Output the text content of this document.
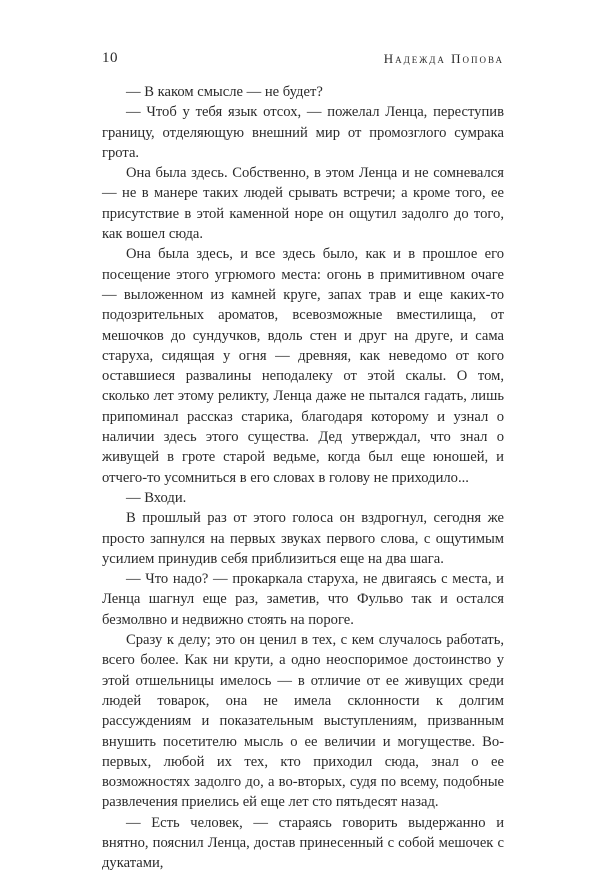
10	Надежда Попова

— В каком смысле — не будет?

— Чтоб у тебя язык отсох, — пожелал Ленца, переступив границу, отделяющую внешний мир от промозглого сумрака грота.

Она была здесь. Собственно, в этом Ленца и не сомневался — не в манере таких людей срывать встречи; а кроме того, ее присутствие в этой каменной норе он ощутил задолго до того, как вошел сюда.

Она была здесь, и все здесь было, как и в прошлое его посещение этого угрюмого места: огонь в примитивном очаге — выложенном из камней круге, запах трав и еще каких-то подозрительных ароматов, всевозможные вместилища, от мешочков до сундучков, вдоль стен и друг на друге, и сама старуха, сидящая у огня — древняя, как неведомо от кого оставшиеся развалины неподалеку от этой скалы. О том, сколько лет этому реликту, Ленца даже не пытался гадать, лишь припоминал рассказ старика, благодаря которому и узнал о наличии здесь этого существа. Дед утверждал, что знал о живущей в гроте старой ведьме, когда был еще юношей, и отчего-то усомниться в его словах в голову не приходило...

— Входи.

В прошлый раз от этого голоса он вздрогнул, сегодня же просто запнулся на первых звуках первого слова, с ощутимым усилием принудив себя приблизиться еще на два шага.

— Что надо? — прокаркала старуха, не двигаясь с места, и Ленца шагнул еще раз, заметив, что Фульво так и остался безмолвно и недвижно стоять на пороге.

Сразу к делу; это он ценил в тех, с кем случалось работать, всего более. Как ни крути, а одно неоспоримое достоинство у этой отшельницы имелось — в отличие от ее живущих среди людей товарок, она не имела склонности к долгим рассуждениям и показательным выступлениям, призванным внушить посетителю мысль о ее величии и могуществе. Во-первых, любой их тех, кто приходил сюда, знал о ее возможностях задолго до, а во-вторых, судя по всему, подобные развлечения приелись ей еще лет сто пятьдесят назад.

— Есть человек, — стараясь говорить выдержанно и внятно, пояснил Ленца, достав принесенный с собой мешочек с дукатами,
